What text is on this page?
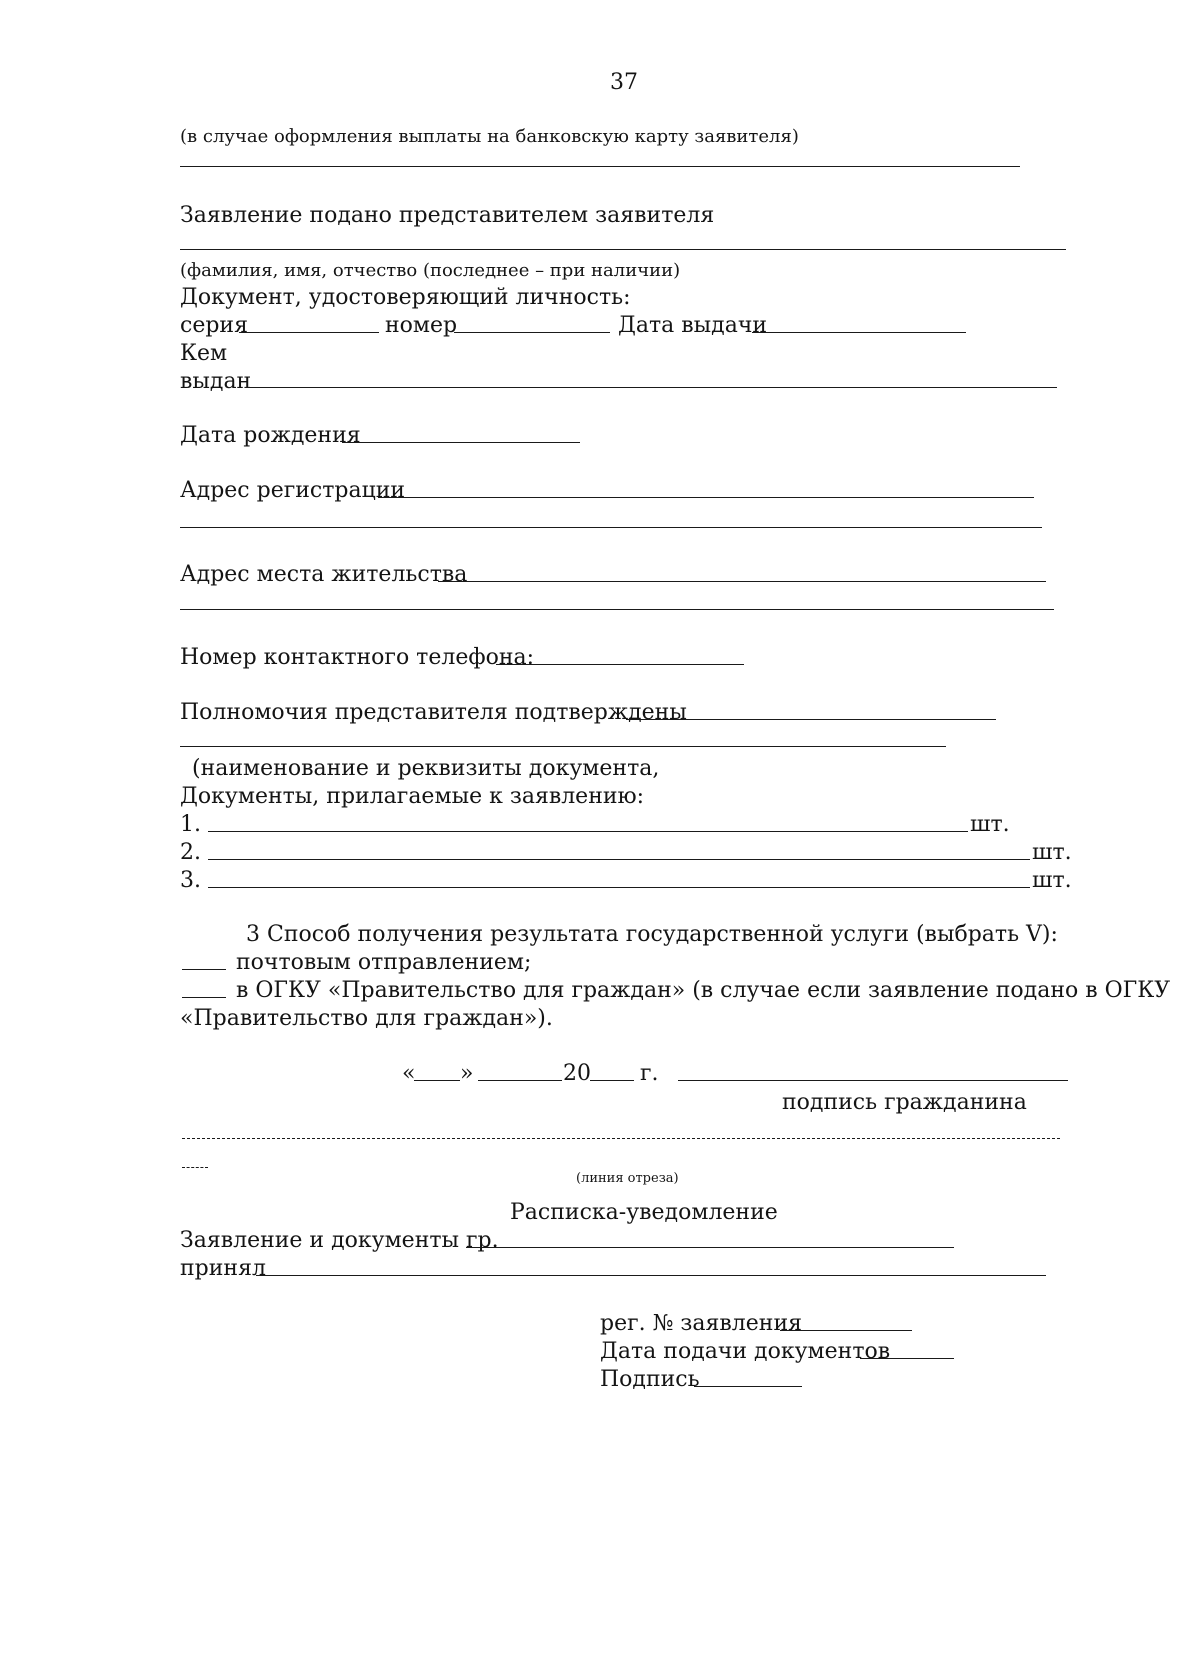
37
(в случае оформления выплаты на банковскую карту заявителя)
Заявление подано представителем заявителя
(фамилия, имя, отчество (последнее – при наличии)
Документ, удостоверяющий личность:
серия	номер	Дата выдачи
Кем
выдан
Дата рождения
Адрес регистрации
Адрес места жительства
Номер контактного телефона:
Полномочия представителя подтверждены
(наименование и реквизиты документа,
Документы, прилагаемые к заявлению:
1.	шт.
2.	шт.
3.	шт.
3 Способ получения результата государственной услуги (выбрать V):
почтовым отправлением;
в ОГКУ «Правительство для граждан» (в случае если заявление подано в ОГКУ
«Правительство для граждан»).
« »	20 г.
подпись гражданина
(линия отреза)
Расписка-уведомление
Заявление и документы гр.
принял
рег. № заявления
Дата подачи документов
Подпись
